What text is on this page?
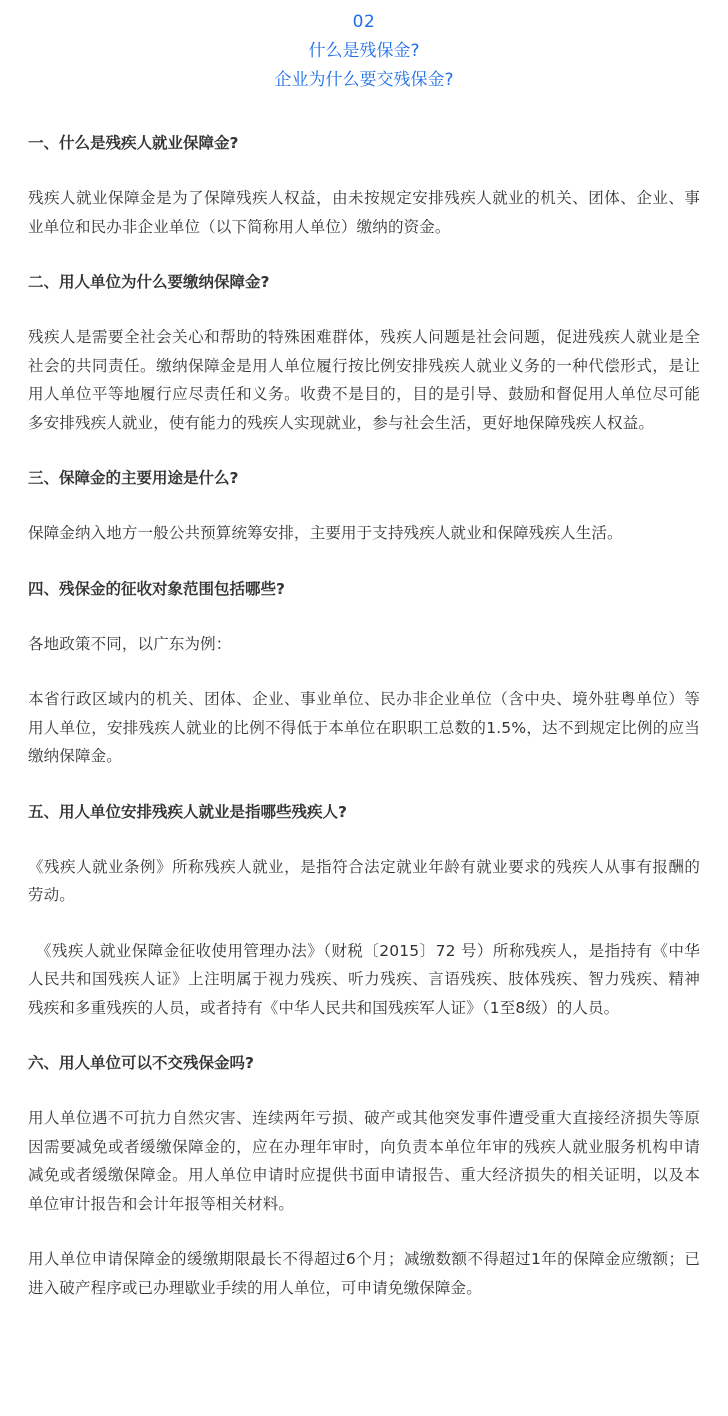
02
什么是残保金?
企业为什么要交残保金?

一、什么是残疾人就业保障金?

残疾人就业保障金是为了保障残疾人权益，由未按规定安排残疾人就业的机关、团体、企业、事业单位和民办非企业单位（以下简称用人单位）缴纳的资金。

二、用人单位为什么要缴纳保障金?

残疾人是需要全社会关心和帮助的特殊困难群体，残疾人问题是社会问题，促进残疾人就业是全社会的共同责任。缴纳保障金是用人单位履行按比例安排残疾人就业义务的一种代偿形式，是让用人单位平等地履行应尽责任和义务。收费不是目的，目的是引导、鼓励和督促用人单位尽可能多安排残疾人就业，使有能力的残疾人实现就业，参与社会生活，更好地保障残疾人权益。

三、保障金的主要用途是什么?

保障金纳入地方一般公共预算统筹安排，主要用于支持残疾人就业和保障残疾人生活。

四、残保金的征收对象范围包括哪些?

各地政策不同，以广东为例：

本省行政区域内的机关、团体、企业、事业单位、民办非企业单位（含中央、境外驻粤单位）等用人单位，安排残疾人就业的比例不得低于本单位在职职工总数的1.5%，达不到规定比例的应当缴纳保障金。

五、用人单位安排残疾人就业是指哪些残疾人?

《残疾人就业条例》所称残疾人就业，是指符合法定就业年龄有就业要求的残疾人从事有报酬的劳动。

《残疾人就业保障金征收使用管理办法》（财税〔2015〕72 号）所称残疾人，是指持有《中华人民共和国残疾人证》上注明属于视力残疾、听力残疾、言语残疾、肢体残疾、智力残疾、精神残疾和多重残疾的人员，或者持有《中华人民共和国残疾军人证》（1至8级）的人员。

六、用人单位可以不交残保金吗?

用人单位遇不可抗力自然灾害、连续两年亏损、破产或其他突发事件遭受重大直接经济损失等原因需要减免或者缓缴保障金的，应在办理年审时，向负责本单位年审的残疾人就业服务机构申请减免或者缓缴保障金。用人单位申请时应提供书面申请报告、重大经济损失的相关证明，以及本单位审计报告和会计年报等相关材料。

用人单位申请保障金的缓缴期限最长不得超过6个月；减缴数额不得超过1年的保障金应缴额；已进入破产程序或已办理歇业手续的用人单位，可申请免缴保障金。
